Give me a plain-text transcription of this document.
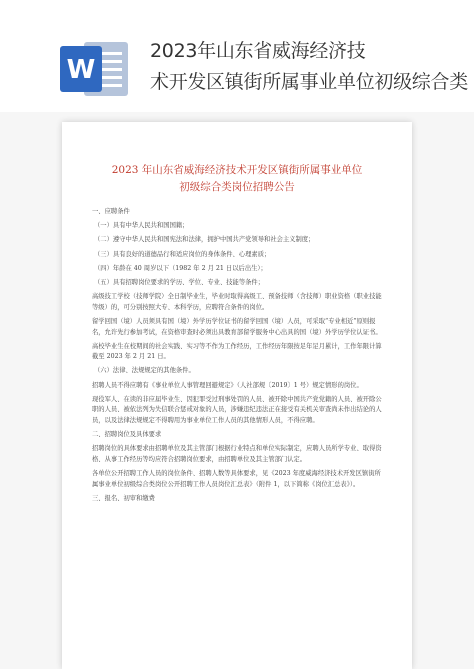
W
2023年山东省威海经济技
术开发区镇街所属事业单位初级综合类
2023 年山东省威海经济技术开发区镇街所属事业单位
初级综合类岗位招聘公告

一、应聘条件

（一）具有中华人民共和国国籍；

（二）遵守中华人民共和国宪法和法律，拥护中国共产党领导和社会主义制度；

（三）具有良好的道德品行和适应岗位的身体条件、心理素质；

（四）年龄在 40 周岁以下（1982 年 2 月 21 日以后出生）；

（五）具有招聘岗位要求的学历、学位、专业、技能等条件；

高级技工学校（技师学院）全日制毕业生，毕业时取得高级工、预备技师（含技师）职业资格（职业技能等级）的，可分别按照大专、本科学历，应聘符合条件的岗位。

留学回国（境）人员须具有国（境）外学历学位证书的留学回国（境）人员，可采取“专业相近”原则报名，允许先行参加考试，在资格审查时必须出具教育部留学服务中心出具的国（境）外学历学位认证书。

高校毕业生在校期间的社会实践、实习等不作为工作经历，工作经历年限按足年足月累计，工作年限计算截至 2023 年 2 月 21 日。

（六）法律、法规规定的其他条件。

招聘人员不得应聘有《事业单位人事管理回避规定》（人社部规〔2019〕1 号）规定情形的岗位。

现役军人、在读的非应届毕业生、因犯罪受过刑事处罚的人员、被开除中国共产党党籍的人员、被开除公职的人员、被依法列为失信联合惩戒对象的人员，涉嫌违纪违法正在接受有关机关审查尚未作出结论的人员，以及法律法规规定不得聘用为事业单位工作人员的其他情形人员，不得应聘。

二、招聘岗位及具体要求

招聘岗位的具体要求由招聘单位及其主管部门根据行业特点和单位实际制定，应聘人员所学专业、取得资格、从事工作经历等均应符合招聘岗位要求，由招聘单位及其主管部门认定。

各单位公开招聘工作人员的岗位条件、招聘人数等具体要求，见《2023 年度威海经济技术开发区镇街所属事业单位初级综合类岗位公开招聘工作人员岗位汇总表》（附件 1，以下简称《岗位汇总表》）。

三、报名、初审和缴费
